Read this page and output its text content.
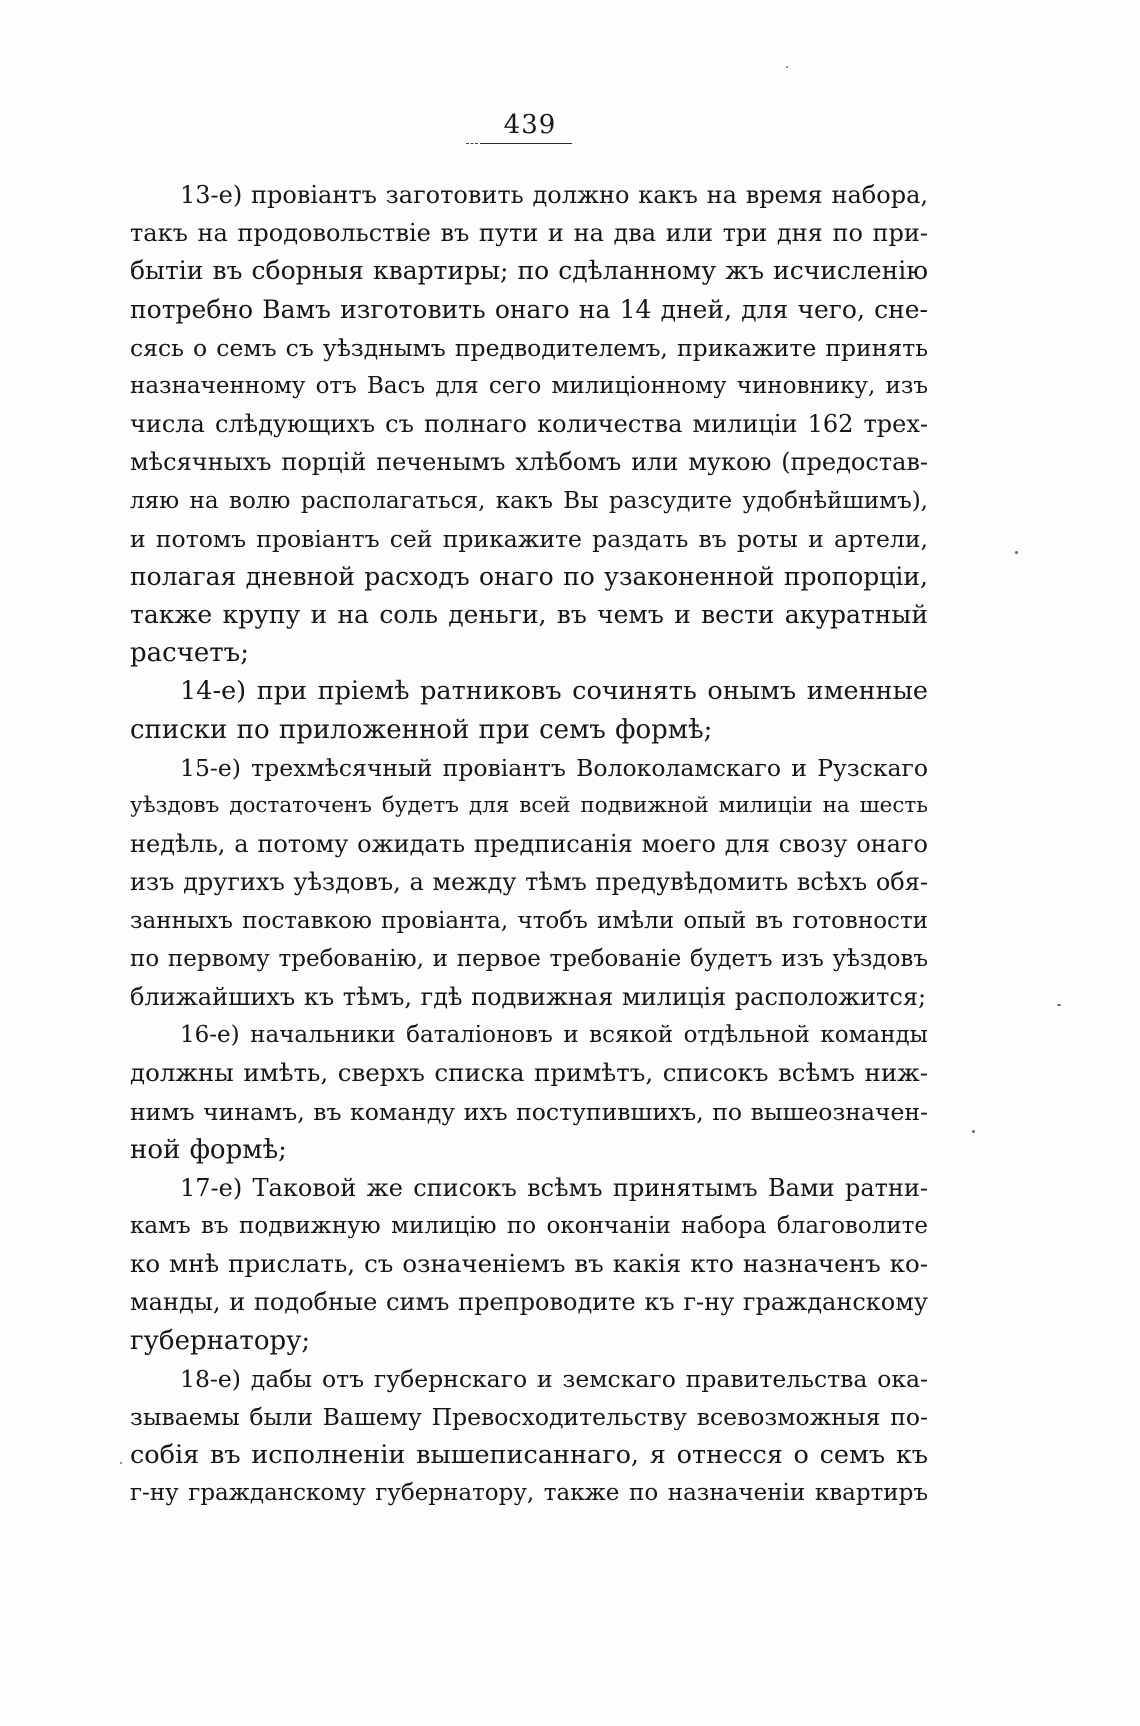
439
13-е) провіантъ заготовить должно какъ на время набора,
такъ на продовольствіе въ пути и на два или три дня по при-
бытіи въ сборныя квартиры; по сдѣланному жъ исчисленію
потребно Вамъ изготовить онаго на 14 дней, для чего, сне-
сясь о семъ съ уѣзднымъ предводителемъ, прикажите принять
назначенному отъ Васъ для сего милиціонному чиновнику, изъ
числа слѣдующихъ съ полнаго количества милиціи 162 трех-
мѣсячныхъ порцій печенымъ хлѣбомъ или мукою (предостав-
ляю на волю располагаться, какъ Вы разсудите удобнѣйшимъ),
и потомъ провіантъ сей прикажите раздать въ роты и артели,
полагая дневной расходъ онаго по узаконенной пропорціи,
также крупу и на соль деньги, въ чемъ и вести акуратный
расчетъ;
14-е) при пріемѣ ратниковъ сочинять онымъ именные
списки по приложенной при семъ формѣ;
15-е) трехмѣсячный провіантъ Волоколамскаго и Рузскаго
уѣздовъ достаточенъ будетъ для всей подвижной милиціи на шесть
недѣль, а потому ожидать предписанія моего для свозу онаго
изъ другихъ уѣздовъ, а между тѣмъ предувѣдомить всѣхъ обя-
занныхъ поставкою провіанта, чтобъ имѣли опый въ готовности
по первому требованію, и первое требованіе будетъ изъ уѣздовъ
ближайшихъ къ тѣмъ, гдѣ подвижная милиція расположится;
16-е) начальники баталіоновъ и всякой отдѣльной команды
должны имѣть, сверхъ списка примѣтъ, списокъ всѣмъ ниж-
нимъ чинамъ, въ команду ихъ поступившихъ, по вышеозначен-
ной формѣ;
17-е) Таковой же списокъ всѣмъ принятымъ Вами ратни-
камъ въ подвижную милицію по окончаніи набора благоволите
ко мнѣ прислать, съ означеніемъ въ какія кто назначенъ ко-
манды, и подобные симъ препроводите къ г-ну гражданскому
губернатору;
18-е) дабы отъ губернскаго и земскаго правительства ока-
зываемы были Вашему Превосходительству всевозможныя по-
собія въ исполненіи вышеписаннаго, я отнесся о семъ къ
г-ну гражданскому губернатору, также по назначеніи квартиръ
